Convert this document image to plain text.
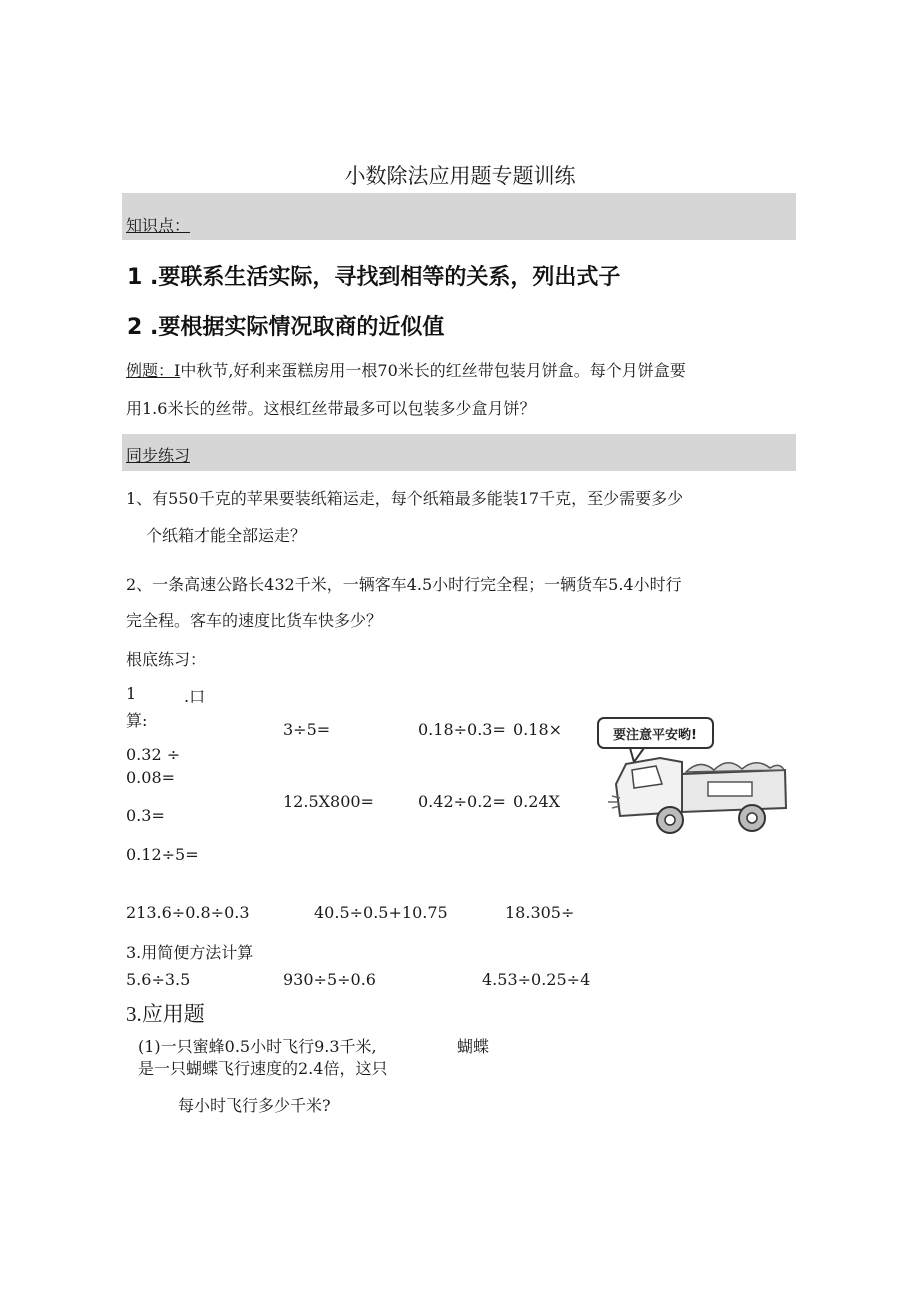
小数除法应用题专题训练
知识点：
1 .要联系生活实际，寻找到相等的关系，列出式子
2 .要根据实际情况取商的近似值
例题：I中秋节,好利来蛋糕房用一根70米长的红丝带包装月饼盒。每个月饼盒要
用1.6米长的丝带。这根红丝带最多可以包装多少盒月饼？
同步练习
1、有550千克的苹果要装纸箱运走，每个纸箱最多能装17千克，至少需要多少
个纸箱才能全部运走？
2、一条高速公路长432千米，一辆客车4.5小时行完全程；一辆货车5.4小时行
完全程。客车的速度比货车快多少？
根底练习：
1	.口
算:	3÷5=	0.18÷0.3= 0.18×
0.32 ÷
0.08=
12.5X800=	0.42÷0.2= 0.24X
0.3=
0.12÷5=
213.6÷0.8÷0.3	40.5÷0.5+10.75	18.305÷
要注意平安哟!
3.用简便方法计算
5.6÷3.5	930÷5÷0.6	4.53÷0.25÷4
3.应用题
(1)一只蜜蜂0.5小时飞行9.3千米,	蝴蝶
是一只蝴蝶飞行速度的2.4倍，这只
每小时飞行多少千米?
